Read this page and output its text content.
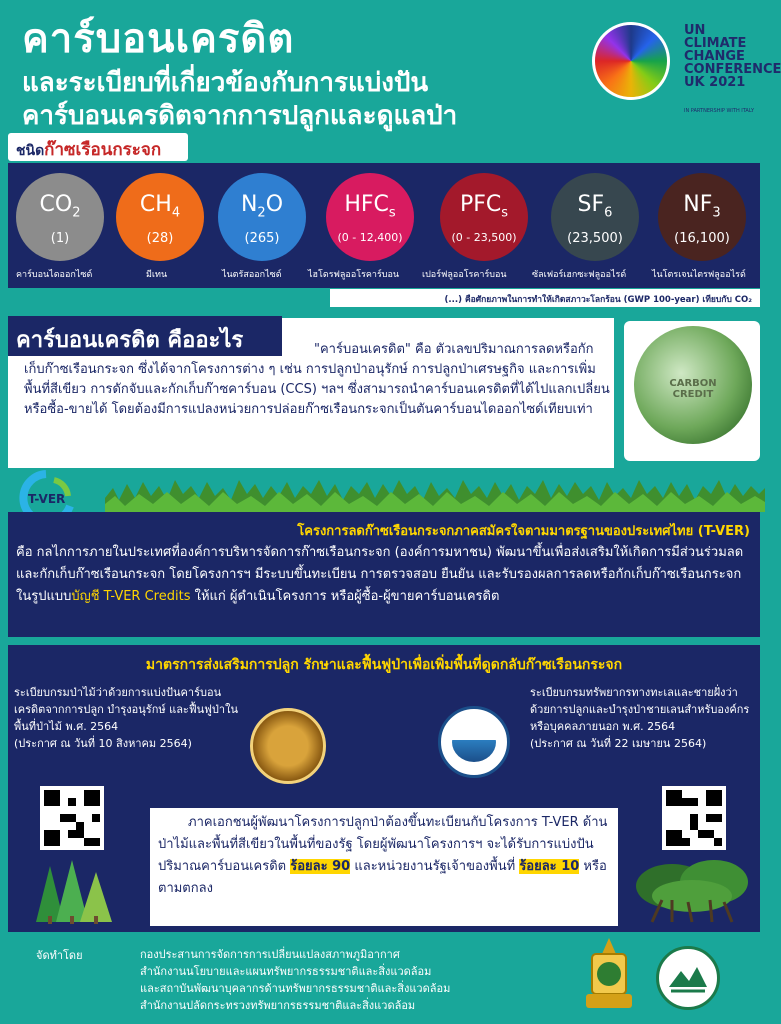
คาร์บอนเครดิต
และระเบียบที่เกี่ยวข้องกับการแบ่งปัน
คาร์บอนเครดิตจากการปลูกและดูแลป่า
UN CLIMATE CHANGE CONFERENCE UK 2021
IN PARTNERSHIP WITH ITALY
ชนิดก๊าซเรือนกระจก
$CO_2$
(1)
คาร์บอนไดออกไซด์
$CH_4$
(28)
มีเทน
$N_2O$
(265)
ไนตรัสออกไซด์
$HFC_s$
(0 - 12,400)
ไฮโดรฟลูออโรคาร์บอน
$PFC_s$
(0 - 23,500)
เปอร์ฟลูออโรคาร์บอน
$SF_6$
(23,500)
ซัลเฟอร์เฮกซะฟลูออไรด์
$NF_3$
(16,100)
ไนโตรเจนไตรฟลูออไรด์
(...) คือศักยภาพในการทำให้เกิดสภาวะโลกร้อน (GWP 100-year) เทียบกับ CO₂
"คาร์บอนเครดิต" คือ ตัวเลขปริมาณการลดหรือกักเก็บก๊าซเรือนกระจก ซึ่งได้จากโครงการต่าง ๆ เช่น การปลูกป่าอนุรักษ์ การปลูกป่าเศรษฐกิจ และการเพิ่มพื้นที่สีเขียว การดักจับและกักเก็บก๊าซคาร์บอน (CCS) ฯลฯ ซึ่งสามารถนำคาร์บอนเครดิตที่ได้ไปแลกเปลี่ยนหรือซื้อ-ขายได้ โดยต้องมีการแปลงหน่วยการปล่อยก๊าซเรือนกระจกเป็นตันคาร์บอนไดออกไซด์เทียบเท่า
คาร์บอนเครดิต คืออะไร
CARBON
CREDIT
T-VER
โครงการลดก๊าซเรือนกระจกภาคสมัครใจตามมาตรฐานของประเทศไทย (T-VER)
คือ กลไกการภายในประเทศที่องค์การบริหารจัดการก๊าซเรือนกระจก (องค์การมหาชน) พัฒนาขึ้นเพื่อส่งเสริมให้เกิดการมีส่วนร่วมลดและกักเก็บก๊าซเรือนกระจก โดยโครงการฯ มีระบบขึ้นทะเบียน การตรวจสอบ ยืนยัน และรับรองผลการลดหรือกักเก็บก๊าซเรือนกระจกในรูปแบบบัญชี T-VER Credits ให้แก่ ผู้ดำเนินโครงการ หรือผู้ซื้อ-ผู้ขายคาร์บอนเครดิต
มาตรการส่งเสริมการปลูก รักษาและฟื้นฟูป่าเพื่อเพิ่มพื้นที่ดูดกลับก๊าซเรือนกระจก
ระเบียบกรมป่าไม้ว่าด้วยการแบ่งปันคาร์บอนเครดิตจากการปลูก บำรุงอนุรักษ์ และฟื้นฟูป่าในพื้นที่ป่าไม้ พ.ศ. 2564
(ประกาศ ณ วันที่ 10 สิงหาคม 2564)
ระเบียบกรมทรัพยากรทางทะเลและชายฝั่งว่าด้วยการปลูกและบำรุงป่าชายเลนสำหรับองค์กรหรือบุคคลภายนอก พ.ศ. 2564
(ประกาศ ณ วันที่ 22 เมษายน 2564)
ภาคเอกชนผู้พัฒนาโครงการปลูกป่าต้องขึ้นทะเบียนกับโครงการ T-VER ด้านป่าไม้และพื้นที่สีเขียวในพื้นที่ของรัฐ โดยผู้พัฒนาโครงการฯ จะได้รับการแบ่งปันปริมาณคาร์บอนเครดิต ร้อยละ 90 และหน่วยงานรัฐเจ้าของพื้นที่ ร้อยละ 10 หรือตามตกลง
จัดทำโดย	กองประสานการจัดการการเปลี่ยนแปลงสภาพภูมิอากาศ
สำนักงานนโยบายและแผนทรัพยากรธรรมชาติและสิ่งแวดล้อม
และสถาบันพัฒนาบุคลากรด้านทรัพยากรธรรมชาติและสิ่งแวดล้อม
สำนักงานปลัดกระทรวงทรัพยากรธรรมชาติและสิ่งแวดล้อม
